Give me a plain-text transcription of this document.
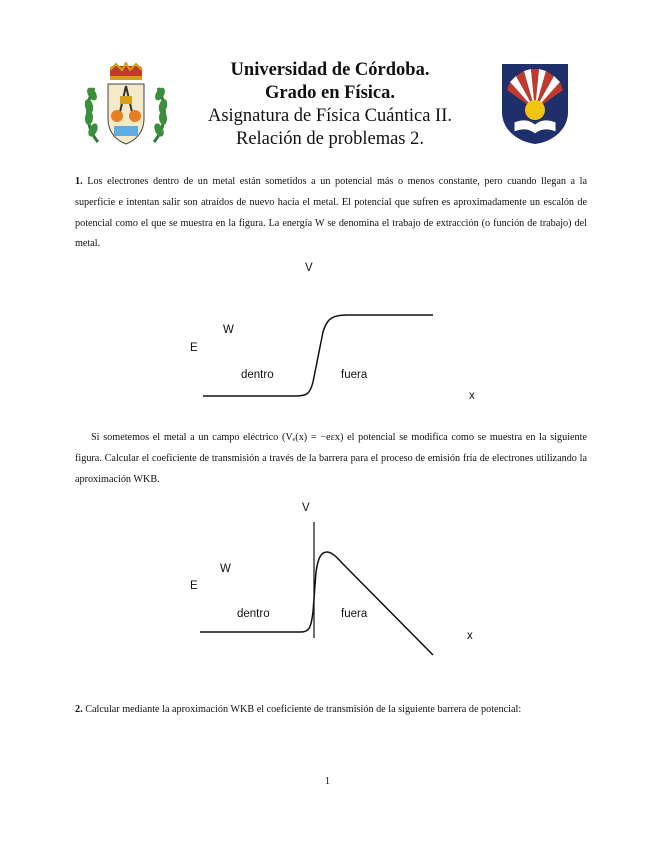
Universidad de Córdoba.
Grado en Física.
Asignatura de Física Cuántica II.
Relación de problemas 2.
1. Los electrones dentro de un metal están sometidos a un potencial más o menos constante, pero cuando llegan a la superficie e intentan salir son atraídos de nuevo hacia el metal. El potencial que sufren es aproximadamente un escalón de potencial como el que se muestra en la figura. La energía W se denomina el trabajo de extracción (o función de trabajo) del metal.
V
W
E
dentro	fuera
x
Si sometemos el metal a un campo eléctrico (Vₑ(x) = −eεx) el potencial se modifica como se muestra en la siguiente figura. Calcular el coeficiente de transmisión a través de la barrera para el proceso de emisión fría de electrones utilizando la aproximación WKB.
V
W
E
dentro	fuera
x
2. Calcular mediante la aproximación WKB el coeficiente de transmisión de la siguiente barrera de potencial:
1
